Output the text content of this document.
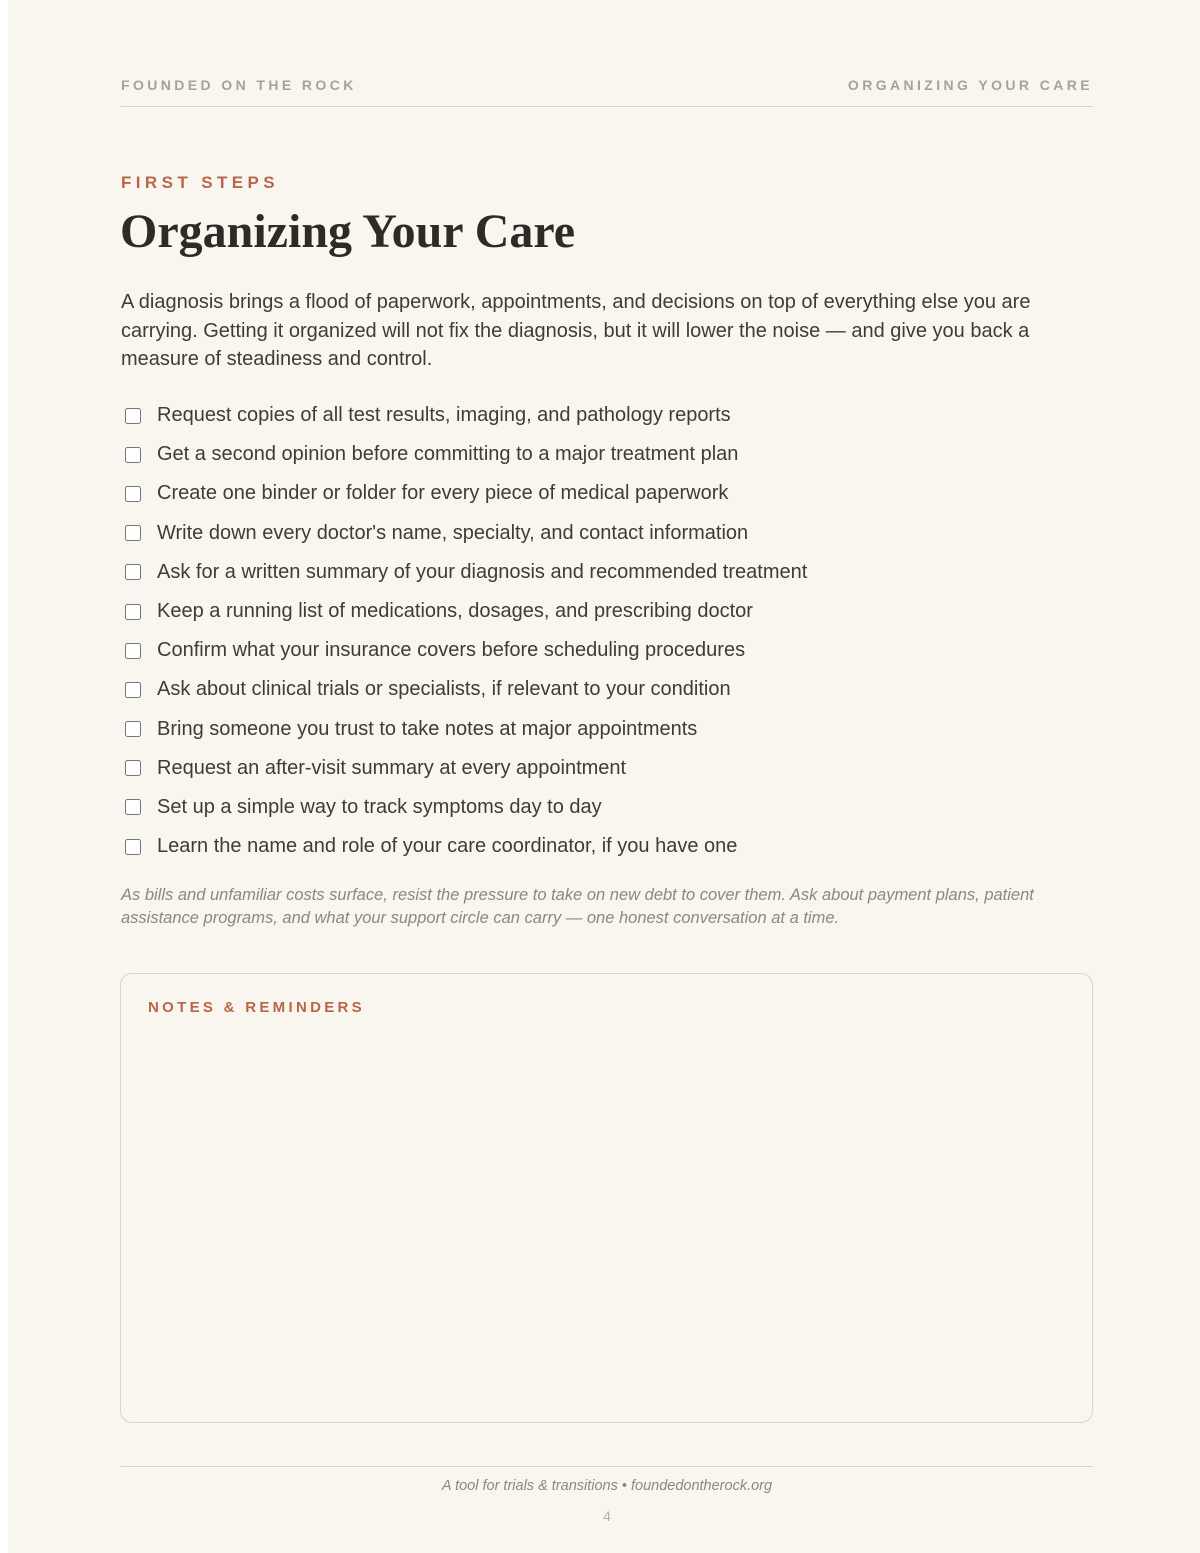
FOUNDED ON THE ROCK	ORGANIZING YOUR CARE
FIRST STEPS
Organizing Your Care

A diagnosis brings a flood of paperwork, appointments, and decisions on top of everything else you are carrying. Getting it organized will not fix the diagnosis, but it will lower the noise — and give you back a measure of steadiness and control.

Request copies of all test results, imaging, and pathology reports
Get a second opinion before committing to a major treatment plan
Create one binder or folder for every piece of medical paperwork
Write down every doctor's name, specialty, and contact information
Ask for a written summary of your diagnosis and recommended treatment
Keep a running list of medications, dosages, and prescribing doctor
Confirm what your insurance covers before scheduling procedures
Ask about clinical trials or specialists, if relevant to your condition
Bring someone you trust to take notes at major appointments
Request an after-visit summary at every appointment
Set up a simple way to track symptoms day to day
Learn the name and role of your care coordinator, if you have one

As bills and unfamiliar costs surface, resist the pressure to take on new debt to cover them. Ask about payment plans, patient assistance programs, and what your support circle can carry — one honest conversation at a time.

NOTES & REMINDERS
A tool for trials & transitions • foundedontherock.org
4
